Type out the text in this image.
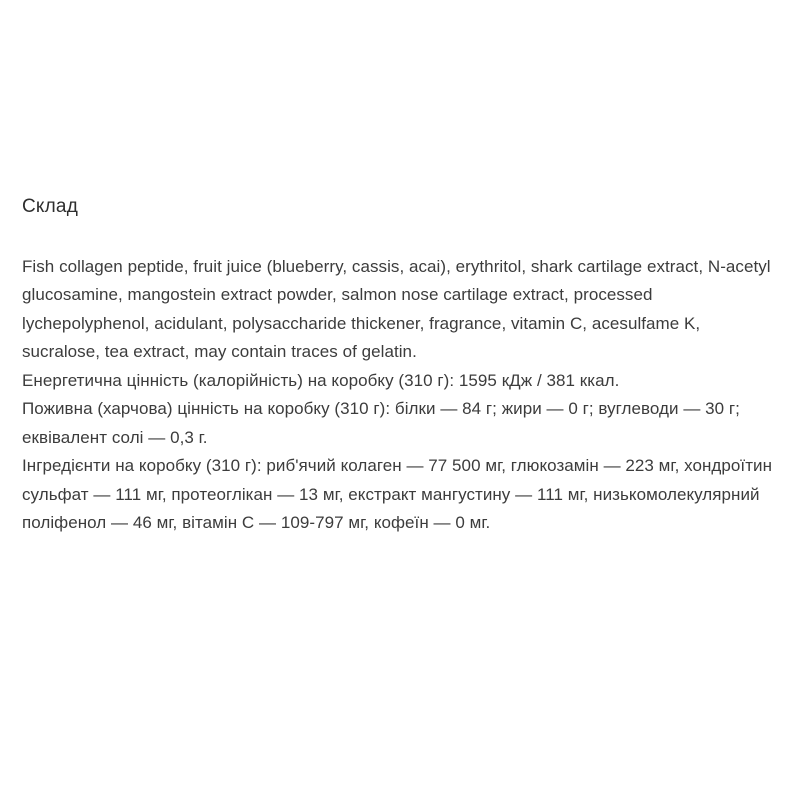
Склад

Fish collagen peptide, fruit juice (blueberry, cassis, acai), erythritol, shark cartilage extract, N-acetyl glucosamine, mangostein extract powder, salmon nose cartilage extract, processed lychepolyphenol, acidulant, polysaccharide thickener, fragrance, vitamin C, acesulfame K, sucralose, tea extract, may contain traces of gelatin.

Енергетична цінність (калорійність) на коробку (310 г): 1595 кДж / 381 ккал.

Поживна (харчова) цінність на коробку (310 г): білки — 84 г; жири — 0 г; вуглеводи — 30 г; еквівалент солі — 0,3 г.

Інгредієнти на коробку (310 г): риб'ячий колаген — 77 500 мг, глюкозамін — 223 мг, хондроїтин сульфат — 111 мг, протеоглікан — 13 мг, екстракт мангустину — 111 мг, низькомолекулярний поліфенол — 46 мг, вітамін С — 109-797 мг, кофеїн — 0 мг.
